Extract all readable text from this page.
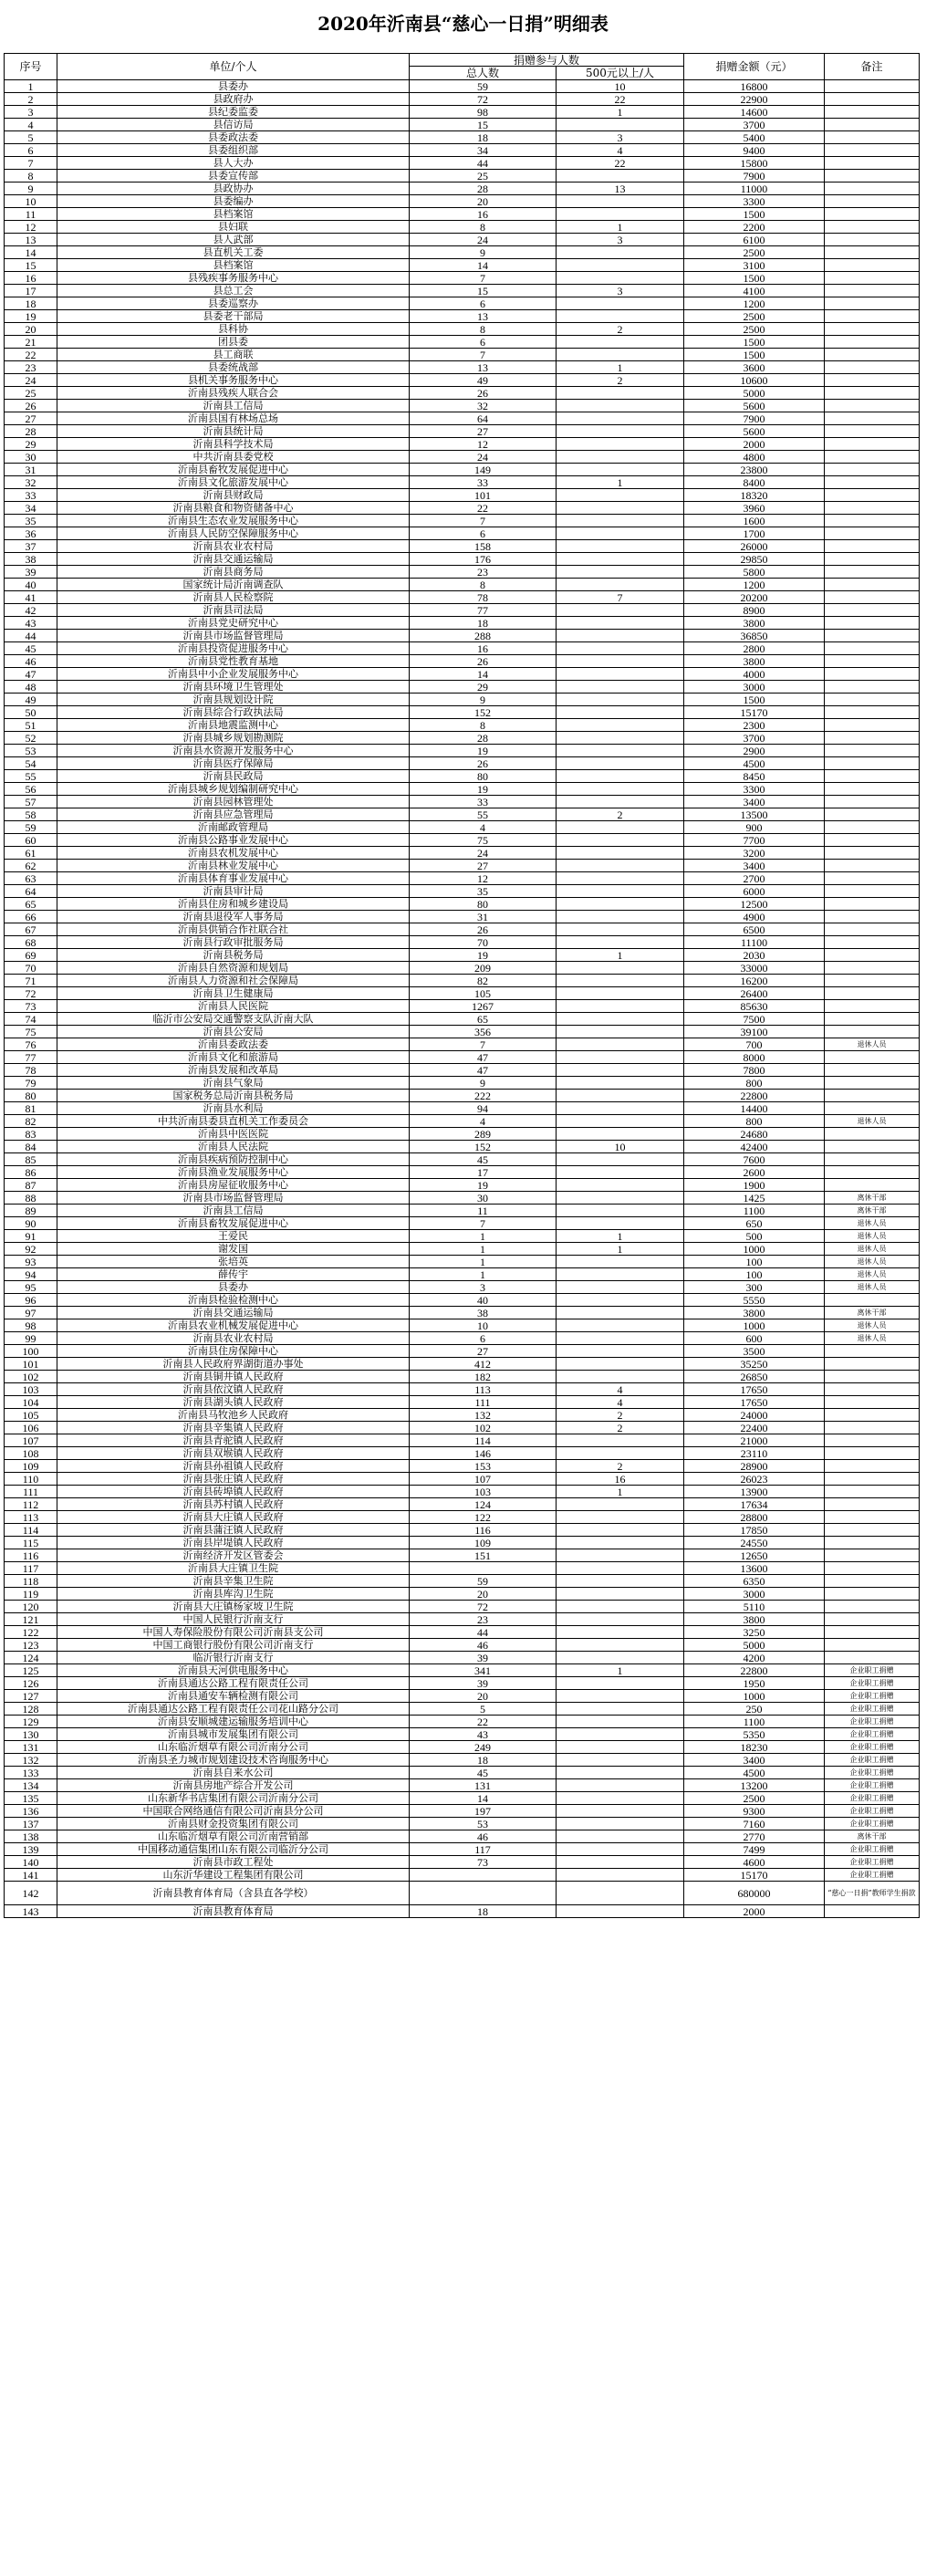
2020年沂南县“慈心一日捐”明细表
序号	单位/个人	捐赠参与人数		捐赠金额（元）	备注
		总人数	500元以上/人		
1	县委办	59	10	16800	
2	县政府办	72	22	22900	
3	县纪委监委	98	1	14600	
4	县信访局	15		3700	
5	县委政法委	18	3	5400	
6	县委组织部	34	4	9400	
7	县人大办	44	22	15800	
8	县委宣传部	25		7900	
9	县政协办	28	13	11000	
10	县委编办	20		3300	
11	县档案馆	16		1500	
12	县妇联	8	1	2200	
13	县人武部	24	3	6100	
14	县直机关工委	9		2500	
15	县档案馆	14		3100	
16	县残疾事务服务中心	7		1500	
17	县总工会	15	3	4100	
18	县委巡察办	6		1200	
19	县委老干部局	13		2500	
20	县科协	8	2	2500	
21	团县委	6		1500	
22	县工商联	7		1500	
23	县委统战部	13	1	3600	
24	县机关事务服务中心	49	2	10600	
25	沂南县残疾人联合会	26		5000	
26	沂南县工信局	32		5600	
27	沂南县国有林场总场	64		7900	
28	沂南县统计局	27		5600	
29	沂南县科学技术局	12		2000	
30	中共沂南县委党校	24		4800	
31	沂南县畜牧发展促进中心	149		23800	
32	沂南县文化旅游发展中心	33	1	8400	
33	沂南县财政局	101		18320	
34	沂南县粮食和物资储备中心	22		3960	
35	沂南县生态农业发展服务中心	7		1600	
36	沂南县人民防空保障服务中心	6		1700	
37	沂南县农业农村局	158		26000	
38	沂南县交通运输局	176		29850	
39	沂南县商务局	23		5800	
40	国家统计局沂南调查队	8		1200	
41	沂南县人民检察院	78	7	20200	
42	沂南县司法局	77		8900	
43	沂南县党史研究中心	18		3800	
44	沂南县市场监督管理局	288		36850	
45	沂南县投资促进服务中心	16		2800	
46	沂南县党性教育基地	26		3800	
47	沂南县中小企业发展服务中心	14		4000	
48	沂南县环境卫生管理处	29		3000	
49	沂南县规划设计院	9		1500	
50	沂南县综合行政执法局	152		15170	
51	沂南县地震监测中心	8		2300	
52	沂南县城乡规划勘测院	28		3700	
53	沂南县水资源开发服务中心	19		2900	
54	沂南县医疗保障局	26		4500	
55	沂南县民政局	80		8450	
56	沂南县城乡规划编制研究中心	19		3300	
57	沂南县园林管理处	33		3400	
58	沂南县应急管理局	55	2	13500	
59	沂南邮政管理局	4		900	
60	沂南县公路事业发展中心	75		7700	
61	沂南县农机发展中心	24		3200	
62	沂南县林业发展中心	27		3400	
63	沂南县体育事业发展中心	12		2700	
64	沂南县审计局	35		6000	
65	沂南县住房和城乡建设局	80		12500	
66	沂南县退役军人事务局	31		4900	
67	沂南县供销合作社联合社	26		6500	
68	沂南县行政审批服务局	70		11100	
69	沂南县税务局	19	1	2030	
70	沂南县自然资源和规划局	209		33000	
71	沂南县人力资源和社会保障局	82		16200	
72	沂南县卫生健康局	105		26400	
73	沂南县人民医院	1267		85630	
74	临沂市公安局交通警察支队沂南大队	65		7500	
75	沂南县公安局	356		39100	
76	沂南县委政法委	7		700	退休人员
77	沂南县文化和旅游局	47		8000	
78	沂南县发展和改革局	47		7800	
79	沂南县气象局	9		800	
80	国家税务总局沂南县税务局	222		22800	
81	沂南县水利局	94		14400	
82	中共沂南县委县直机关工作委员会	4		800	退休人员
83	沂南县中医医院	289		24680	
84	沂南县人民法院	152	10	42400	
85	沂南县疾病预防控制中心	45		7600	
86	沂南县渔业发展服务中心	17		2600	
87	沂南县房屋征收服务中心	19		1900	
88	沂南县市场监督管理局	30		1425	离休干部
89	沂南县工信局	11		1100	离休干部
90	沂南县畜牧发展促进中心	7		650	退休人员
91	王爱民	1	1	500	退休人员
92	谢发国	1	1	1000	退休人员
93	张培英	1		100	退休人员
94	薛传宇	1		100	退休人员
95	县委办	3		300	退休人员
96	沂南县检验检测中心	40		5550	
97	沂南县交通运输局	38		3800	离休干部
98	沂南县农业机械发展促进中心	10		1000	退休人员
99	沂南县农业农村局	6		600	退休人员
100	沂南县住房保障中心	27		3500	
101	沂南县人民政府界湖街道办事处	412		35250	
102	沂南县铜井镇人民政府	182		26850	
103	沂南县依汶镇人民政府	113	4	17650	
104	沂南县湖头镇人民政府	111	4	17650	
105	沂南县马牧池乡人民政府	132	2	24000	
106	沂南县辛集镇人民政府	102	2	22400	
107	沂南县青驼镇人民政府	114		21000	
108	沂南县双堠镇人民政府	146		23110	
109	沂南县孙祖镇人民政府	153	2	28900	
110	沂南县张庄镇人民政府	107	16	26023	
111	沂南县砖埠镇人民政府	103	1	13900	
112	沂南县苏村镇人民政府	124		17634	
113	沂南县大庄镇人民政府	122		28800	
114	沂南县蒲汪镇人民政府	116		17850	
115	沂南县岸堤镇人民政府	109		24550	
116	沂南经济开发区管委会	151		12650	
117	沂南县大庄镇卫生院			13600	
118	沂南县辛集卫生院	59		6350	
119	沂南县库沟卫生院	20		3000	
120	沂南县大庄镇杨家坡卫生院	72		5110	
121	中国人民银行沂南支行	23		3800	
122	中国人寿保险股份有限公司沂南县支公司	44		3250	
123	中国工商银行股份有限公司沂南支行	46		5000	
124	临沂银行沂南支行	39		4200	
125	沂南县天河供电服务中心	341	1	22800	企业职工捐赠
126	沂南县通达公路工程有限责任公司	39		1950	企业职工捐赠
127	沂南县通安车辆检测有限公司	20		1000	企业职工捐赠
128	沂南县通达公路工程有限责任公司花山路分公司	5		250	企业职工捐赠
129	沂南县安顺城建运输服务培训中心	22		1100	企业职工捐赠
130	沂南县城市发展集团有限公司	43		5350	企业职工捐赠
131	山东临沂烟草有限公司沂南分公司	249		18230	企业职工捐赠
132	沂南县圣力城市规划建设技术咨询服务中心	18		3400	企业职工捐赠
133	沂南县自来水公司	45		4500	企业职工捐赠
134	沂南县房地产综合开发公司	131		13200	企业职工捐赠
135	山东新华书店集团有限公司沂南分公司	14		2500	企业职工捐赠
136	中国联合网络通信有限公司沂南县分公司	197		9300	企业职工捐赠
137	沂南县财金投资集团有限公司	53		7160	企业职工捐赠
138	山东临沂烟草有限公司沂南营销部	46		2770	离休干部
139	中国移动通信集团山东有限公司临沂分公司	117		7499	企业职工捐赠
140	沂南县市政工程处	73		4600	企业职工捐赠
141	山东沂华建设工程集团有限公司			15170	企业职工捐赠
142	沂南县教育体育局（含县直各学校）			680000	“慈心一日捐”教师学生捐款
143	沂南县教育体育局	18		2000	
